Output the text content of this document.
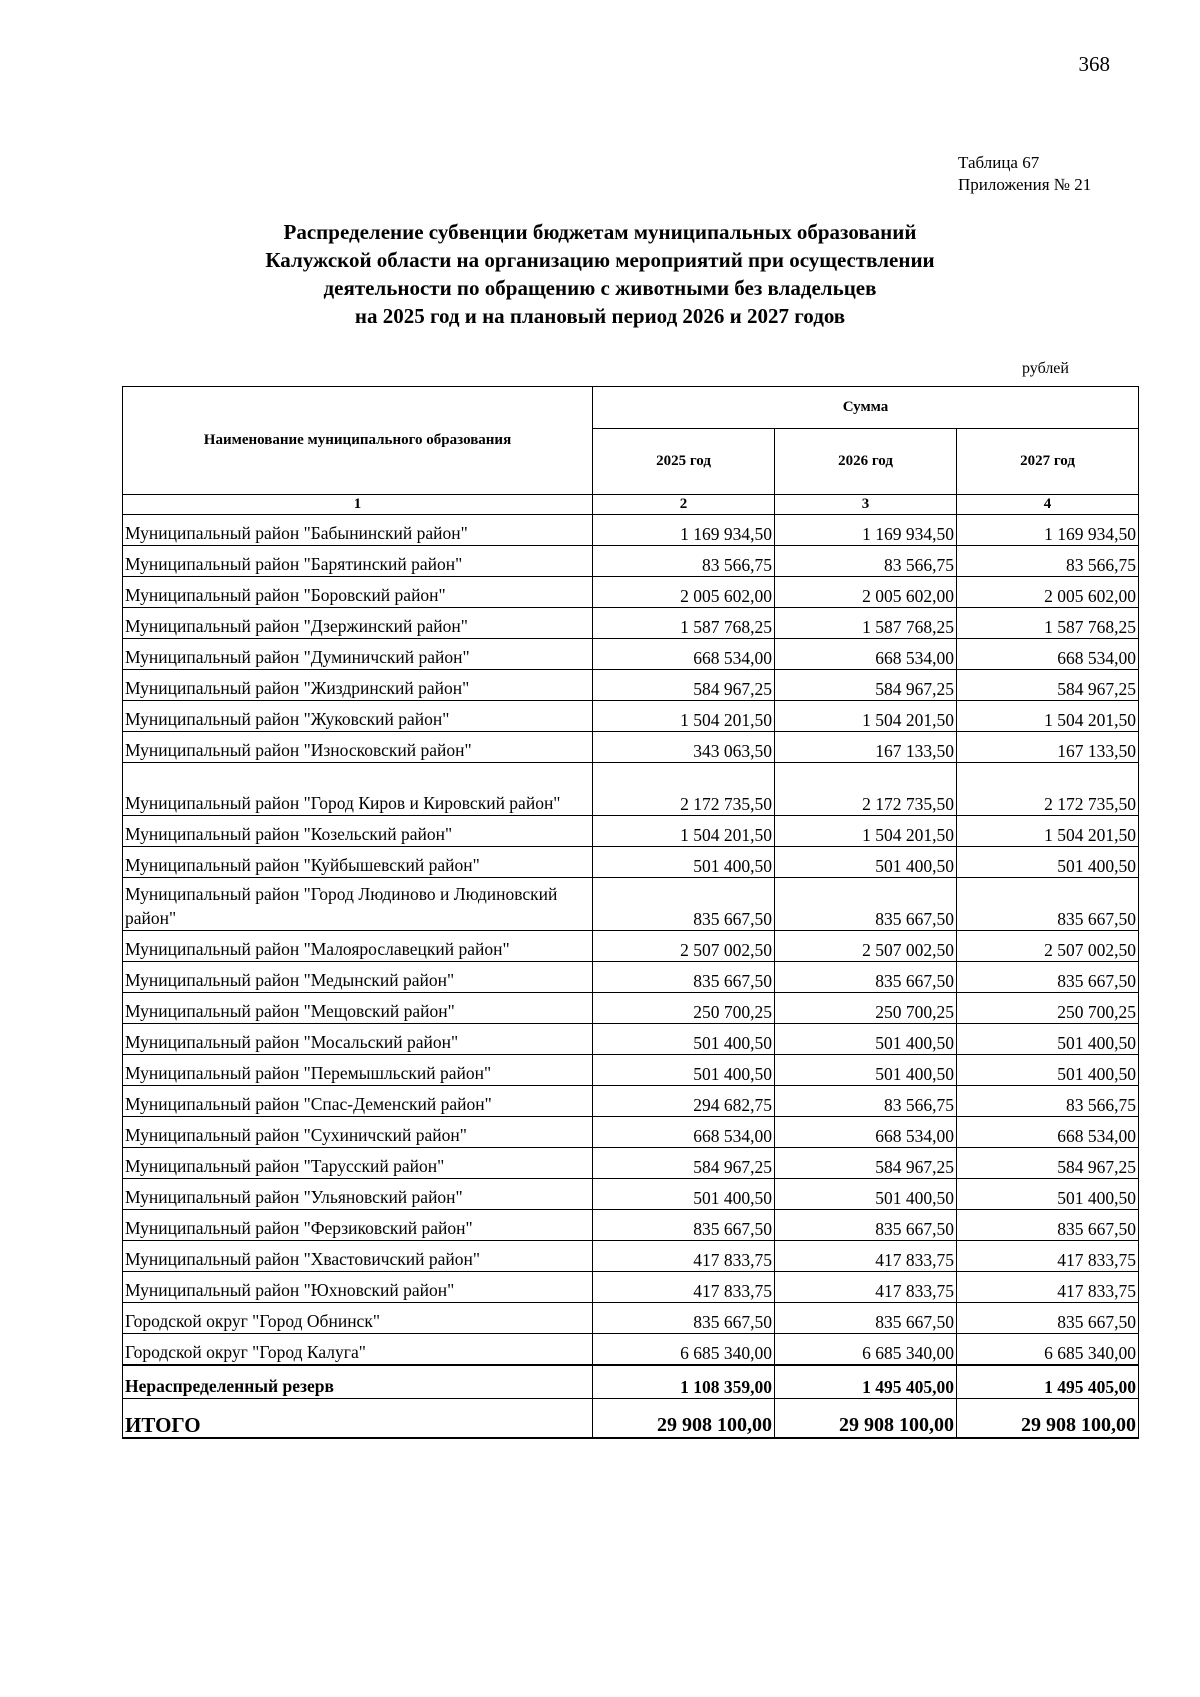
368
Таблица 67
Приложения № 21
Распределение субвенции бюджетам муниципальных образований
Калужской области на организацию мероприятий при осуществлении
деятельности по обращению с животными без владельцев
на 2025 год и на плановый период 2026 и 2027 годов
рублей
Наименование муниципального образования	Сумма		
	2025 год	2026 год	2027 год
1	2	3	4
Муниципальный район "Бабынинский район"	1 169 934,50	1 169 934,50	1 169 934,50
Муниципальный район "Барятинский район"	83 566,75	83 566,75	83 566,75
Муниципальный район "Боровский район"	2 005 602,00	2 005 602,00	2 005 602,00
Муниципальный район "Дзержинский район"	1 587 768,25	1 587 768,25	1 587 768,25
Муниципальный район "Думиничский район"	668 534,00	668 534,00	668 534,00
Муниципальный район "Жиздринский район"	584 967,25	584 967,25	584 967,25
Муниципальный район "Жуковский район"	1 504 201,50	1 504 201,50	1 504 201,50
Муниципальный район "Износковский район"	343 063,50	167 133,50	167 133,50
Муниципальный район "Город Киров и Кировский район"	2 172 735,50	2 172 735,50	2 172 735,50
Муниципальный район "Козельский район"	1 504 201,50	1 504 201,50	1 504 201,50
Муниципальный район "Куйбышевский район"	501 400,50	501 400,50	501 400,50
Муниципальный район "Город Людиново и Людиновский район"	835 667,50	835 667,50	835 667,50
Муниципальный район "Малоярославецкий район"	2 507 002,50	2 507 002,50	2 507 002,50
Муниципальный район "Медынский район"	835 667,50	835 667,50	835 667,50
Муниципальный район "Мещовский район"	250 700,25	250 700,25	250 700,25
Муниципальный район "Мосальский район"	501 400,50	501 400,50	501 400,50
Муниципальный район "Перемышльский район"	501 400,50	501 400,50	501 400,50
Муниципальный район "Спас-Деменский район"	294 682,75	83 566,75	83 566,75
Муниципальный район "Сухиничский район"	668 534,00	668 534,00	668 534,00
Муниципальный район "Тарусский район"	584 967,25	584 967,25	584 967,25
Муниципальный район "Ульяновский район"	501 400,50	501 400,50	501 400,50
Муниципальный район "Ферзиковский район"	835 667,50	835 667,50	835 667,50
Муниципальный район "Хвастовичский район"	417 833,75	417 833,75	417 833,75
Муниципальный район "Юхновский район"	417 833,75	417 833,75	417 833,75
Городской округ "Город Обнинск"	835 667,50	835 667,50	835 667,50
Городской округ "Город Калуга"	6 685 340,00	6 685 340,00	6 685 340,00
Нераспределенный резерв	1 108 359,00	1 495 405,00	1 495 405,00
ИТОГО	29 908 100,00	29 908 100,00	29 908 100,00
